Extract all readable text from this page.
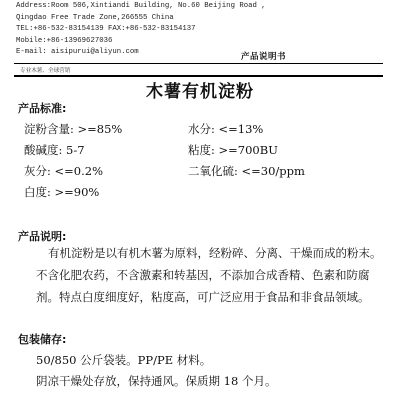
Address:Room 506,Xintiandi Building, No.60 Beijing Road ,
Qingdao Free Trade Zone,266555 China
TEL:+86-532-83154139 FAX:+86-532-83154137
Mobile:+86-13969627036
E-mail: aisipurui@aliyun.com	产品说明书
专业木薯、全球营销
木薯有机淀粉
产品标准:
淀粉含量: >=85%	水分: <=13%
酸碱度: 5-7	粘度: >=700BU
灰分: <=0.2%	二氧化硫: <=30/ppm
白度: >=90%
产品说明:
有机淀粉是以有机木薯为原料，经粉碎、分离、干燥而成的粉末。
不含化肥农药，不含激素和转基因，不添加合成香精、色素和防腐
剂。特点白度细度好，粘度高，可广泛应用于食品和非食品领域。
包装储存:
50/850 公斤袋装。PP/PE 材料。
阴凉干燥处存放，保持通风。保质期 18 个月。
